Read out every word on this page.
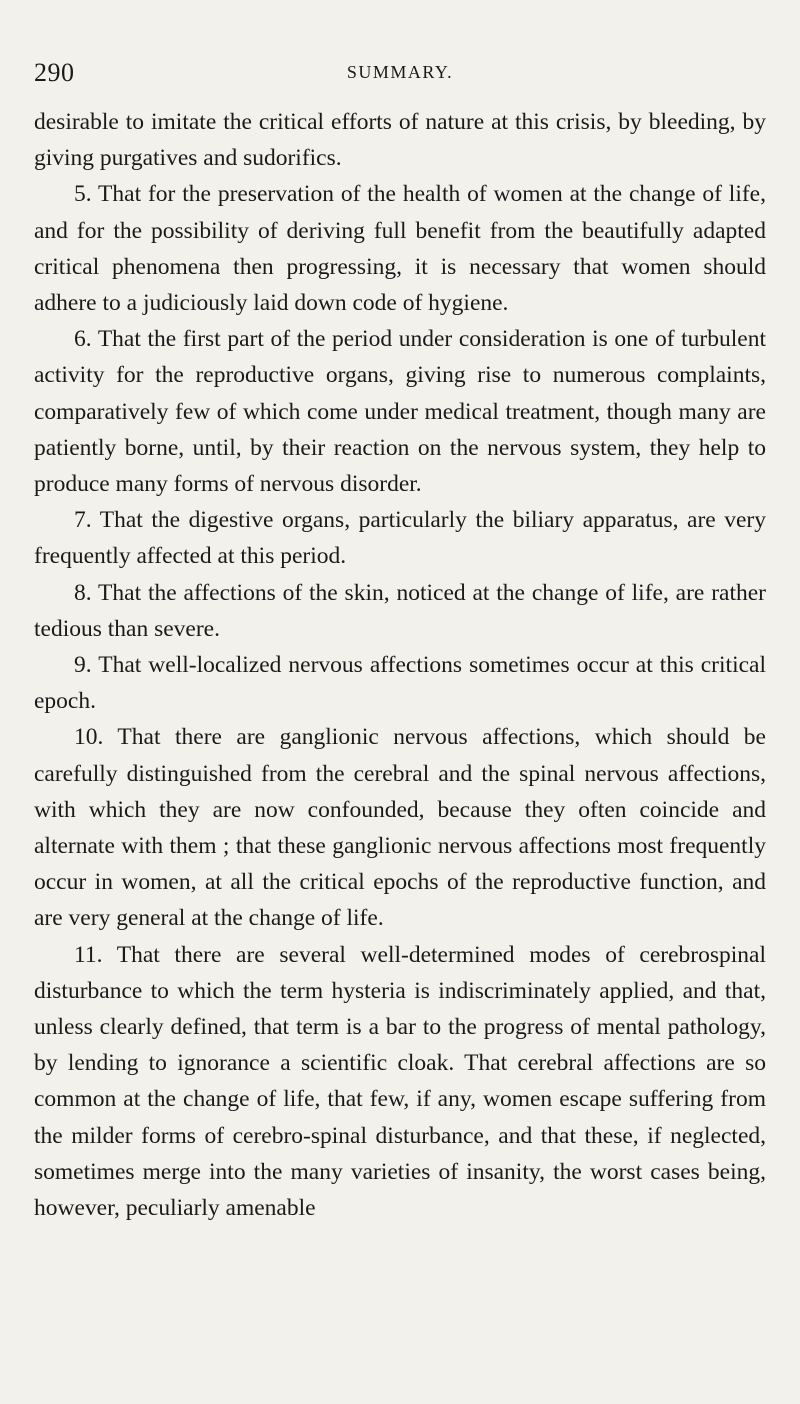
290	SUMMARY.

desirable to imitate the critical efforts of nature at this crisis, by bleeding, by giving purgatives and sudorifics.

5. That for the preservation of the health of women at the change of life, and for the possibility of deriving full benefit from the beautifully adapted critical phenomena then progressing, it is necessary that women should adhere to a judiciously laid down code of hygiene.

6. That the first part of the period under consideration is one of turbulent activity for the reproductive organs, giving rise to numerous complaints, comparatively few of which come under medical treatment, though many are patiently borne, until, by their reaction on the nervous system, they help to produce many forms of nervous disorder.

7. That the digestive organs, particularly the biliary apparatus, are very frequently affected at this period.

8. That the affections of the skin, noticed at the change of life, are rather tedious than severe.

9. That well-localized nervous affections sometimes occur at this critical epoch.

10. That there are ganglionic nervous affections, which should be carefully distinguished from the cerebral and the spinal nervous affections, with which they are now confounded, because they often coincide and alternate with them ; that these ganglionic nervous affections most frequently occur in women, at all the critical epochs of the reproductive function, and are very general at the change of life.

11. That there are several well-determined modes of cerebrospinal disturbance to which the term hysteria is indiscriminately applied, and that, unless clearly defined, that term is a bar to the progress of mental pathology, by lending to ignorance a scientific cloak. That cerebral affections are so common at the change of life, that few, if any, women escape suffering from the milder forms of cerebro-spinal disturbance, and that these, if neglected, sometimes merge into the many varieties of insanity, the worst cases being, however, peculiarly amenable
